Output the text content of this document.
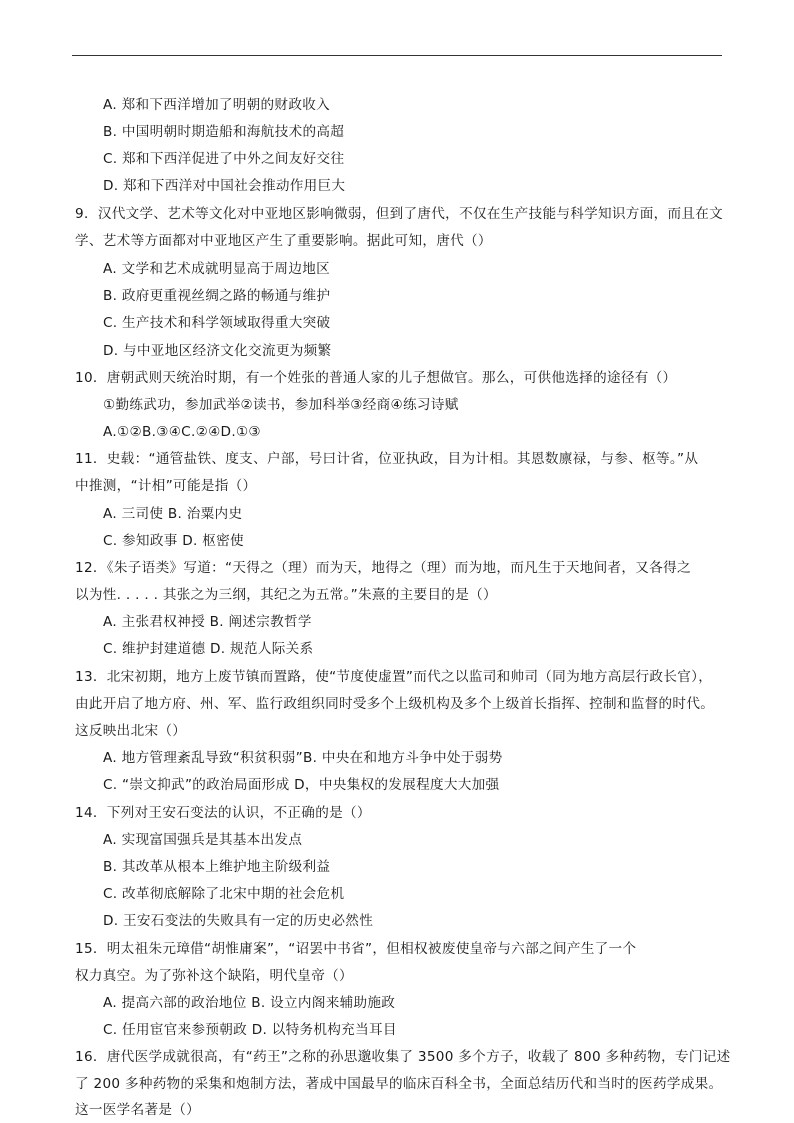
A. 郑和下西洋增加了明朝的财政收入
B. 中国明朝时期造船和海航技术的高超
C. 郑和下西洋促进了中外之间友好交往
D. 郑和下西洋对中国社会推动作用巨大
9．汉代文学、艺术等文化对中亚地区影响微弱，但到了唐代，不仅在生产技能与科学知识方面，而且在文
学、艺术等方面都对中亚地区产生了重要影响。据此可知，唐代（）
A. 文学和艺术成就明显高于周边地区
B. 政府更重视丝绸之路的畅通与维护
C. 生产技术和科学领域取得重大突破
D. 与中亚地区经济文化交流更为频繁
10．唐朝武则天统治时期，有一个姓张的普通人家的儿子想做官。那么，可供他选择的途径有（）
①勤练武功，参加武举②读书，参加科举③经商④练习诗赋
A.①②B.③④C.②④D.①③
11．史载：“通管盐铁、度支、户部，号曰计省，位亚执政，目为计相。其恩数廪禄，与参、枢等。”从
中推测，“计相”可能是指（）
A. 三司使 B. 治粟内史
C. 参知政事 D. 枢密使
12．《朱子语类》写道：“天得之（理）而为天，地得之（理）而为地，而凡生于天地间者，又各得之
以为性. . . . . 其张之为三纲，其纪之为五常。”朱熹的主要目的是（）
A. 主张君权神授 B. 阐述宗教哲学
C. 维护封建道德 D. 规范人际关系
13．北宋初期，地方上废节镇而置路，使“节度使虚置”而代之以监司和帅司（同为地方高层行政长官），
由此开启了地方府、州、军、监行政组织同时受多个上级机构及多个上级首长指挥、控制和监督的时代。
这反映出北宋（）
A. 地方管理紊乱导致“积贫积弱”B. 中央在和地方斗争中处于弱势
C. “崇文抑武”的政治局面形成 D，中央集权的发展程度大大加强
14．下列对王安石变法的认识，不正确的是（）
A. 实现富国强兵是其基本出发点
B. 其改革从根本上维护地主阶级利益
C. 改革彻底解除了北宋中期的社会危机
D. 王安石变法的失败具有一定的历史必然性
15．明太祖朱元璋借“胡惟庸案”，“诏罢中书省”，但相权被废使皇帝与六部之间产生了一个
权力真空。为了弥补这个缺陷，明代皇帝（）
A. 提高六部的政治地位 B. 设立内阁来辅助施政
C. 任用宦官来参预朝政 D. 以特务机构充当耳目
16．唐代医学成就很高，有“药王”之称的孙思邈收集了 3500 多个方子，收载了 800 多种药物，专门记述
了 200 多种药物的采集和炮制方法，著成中国最早的临床百科全书，全面总结历代和当时的医药学成果。
这一医学名著是（）
